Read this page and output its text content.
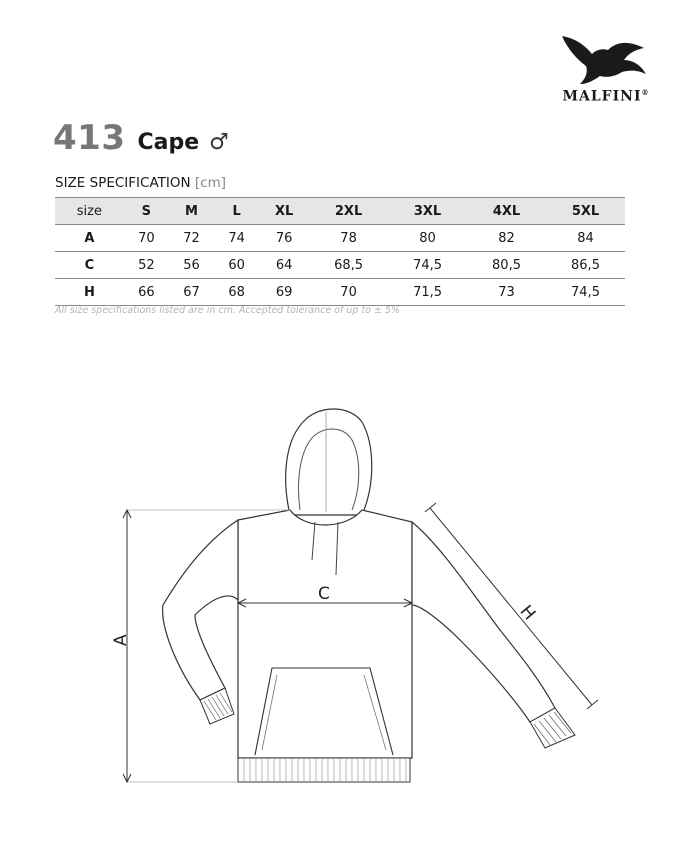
MALFINI®
413 Cape ♂
SIZE SPECIFICATION [cm]
size	S	M	L	XL	2XL	3XL	4XL	5XL
A	70	72	74	76	78	80	82	84
C	52	56	60	64	68,5	74,5	80,5	86,5
H	66	67	68	69	70	71,5	73	74,5
All size specifications listed are in cm. Accepted tolerance of up to ± 5%
A
C
H
